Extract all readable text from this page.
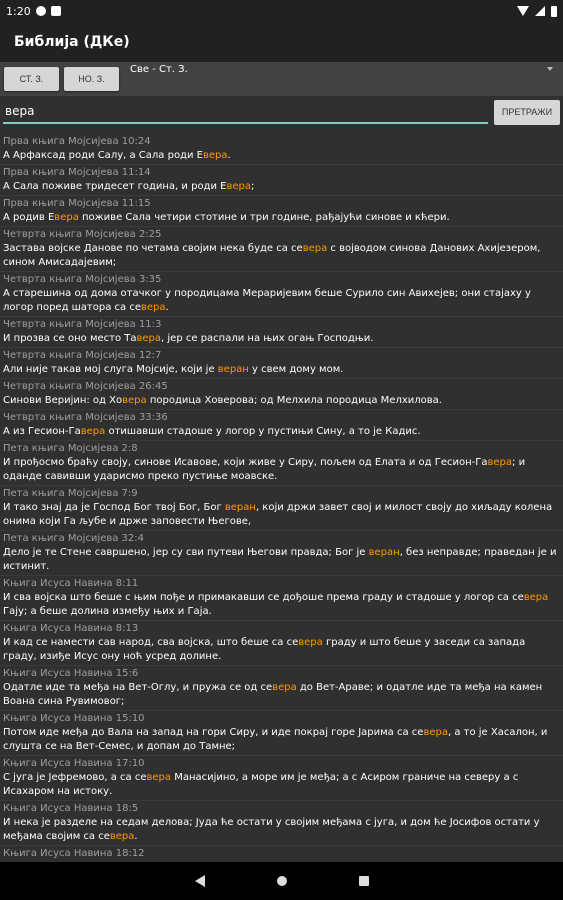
1:20
Библија (ДКе)
СТ. З.	НО. З.
Све - Ст. З.
вера
ПРЕТРАЖИ
Прва књига Мојсијева 10:24
А Арфаксад роди Салу, а Сала роди Евера.
Прва књига Мојсијева 11:14
А Сала поживе тридесет година, и роди Евера;
Прва књига Мојсијева 11:15
А родив Евера поживе Сала четири стотине и три године, рађајући синове и кћери.
Четврта књига Мојсијева 2:25
Застава војске Данове по четама својим нека буде са севера с војводом синова Данових Ахијезером, сином Амисадајевим;
Четврта књига Мојсијева 3:35
А старешина од дома отачког у породицама Мераријевим беше Сурило син Авихејев; они стајаху у логор поред шатора са севера.
Четврта књига Мојсијева 11:3
И прозва се оно место Тавера, јер се распали на њих огањ Господњи.
Четврта књига Мојсијева 12:7
Али није такав мој слуга Мојсије, који је веран у свем дому мом.
Четврта књига Мојсијева 26:45
Синови Веријин: од Ховера породица Ховерова; од Мелхила породица Мелхилова.
Четврта књига Мојсијева 33:36
А из Гесион-Гавера отишавши стадоше у логор у пустињи Сину, а то је Кадис.
Пета књига Мојсијева 2:8
И прођосмо браћу своју, синове Исавове, који живе у Сиру, пољем од Елата и од Гесион-Гавера; и оданде савивши ударисмо преко пустиње моавске.
Пета књига Мојсијева 7:9
И тако знај да је Господ Бог твој Бог, Бог веран, који држи завет свој и милост своју до хиљаду колена онима који Га љубе и држе заповести Његове,
Пета књига Мојсијева 32:4
Дело је те Стене савршено, јер су сви путеви Његови правда; Бог је веран, без неправде; праведан је и истинит.
Књига Исуса Навина 8:11
И сва војска што беше с њим пође и примакавши се дођоше према граду и стадоше у логор са севера Гају; а беше долина између њих и Гаја.
Књига Исуса Навина 8:13
И кад се намести сав народ, сва војска, што беше са севера граду и што беше у заседи са запада граду, изиђе Исус ону ноћ усред долине.
Књига Исуса Навина 15:6
Одатле иде та међа на Вет-Оглу, и пружа се од севера до Вет-Араве; и одатле иде та међа на камен Воана сина Рувимовог;
Књига Исуса Навина 15:10
Потом иде међа до Вала на запад на гори Сиру, и иде покрај горе Јарима са севера, а то је Хасалон, и слушта се на Вет-Семес, и допам до Тамне;
Књига Исуса Навина 17:10
С југа је Јефремово, а са севера Манасијино, а море им је међа; а с Асиром граниче на северу а с Исахаром на истоку.
Књига Исуса Навина 18:5
И нека је разделе на седам делова; Јуда ће остати у својим међама с југа, и дом ће Јосифов остати у међама својим са севера.
Књига Исуса Навина 18:12
